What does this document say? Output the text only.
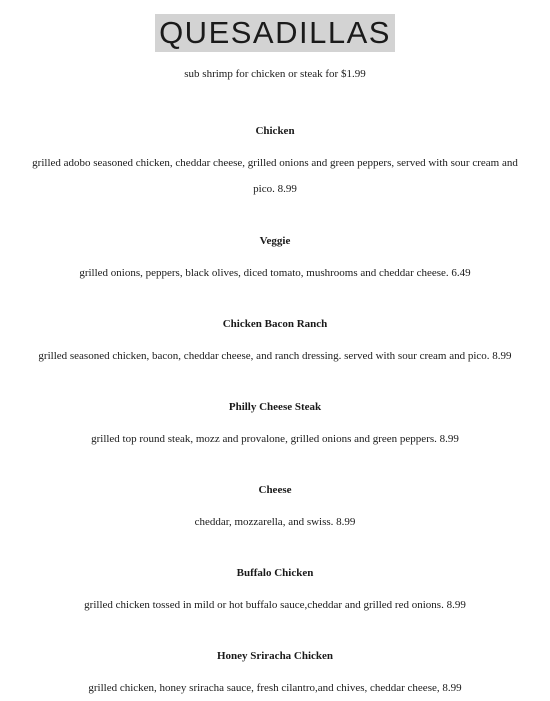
QUESADILLAS
sub shrimp for chicken or steak for $1.99
Chicken
grilled adobo seasoned chicken, cheddar cheese, grilled onions and green peppers, served with sour cream and pico. 8.99
Veggie
grilled onions, peppers, black olives, diced tomato, mushrooms and cheddar cheese. 6.49
Chicken Bacon Ranch
grilled seasoned chicken, bacon, cheddar cheese, and ranch dressing. served with sour cream and pico. 8.99
Philly Cheese Steak
grilled top round steak, mozz and provalone, grilled onions and green peppers. 8.99
Cheese
cheddar, mozzarella, and swiss. 8.99
Buffalo Chicken
grilled chicken tossed in mild or hot buffalo sauce,cheddar and grilled red onions. 8.99
Honey Sriracha Chicken
grilled chicken, honey sriracha sauce, fresh cilantro,and chives, cheddar cheese, 8.99
